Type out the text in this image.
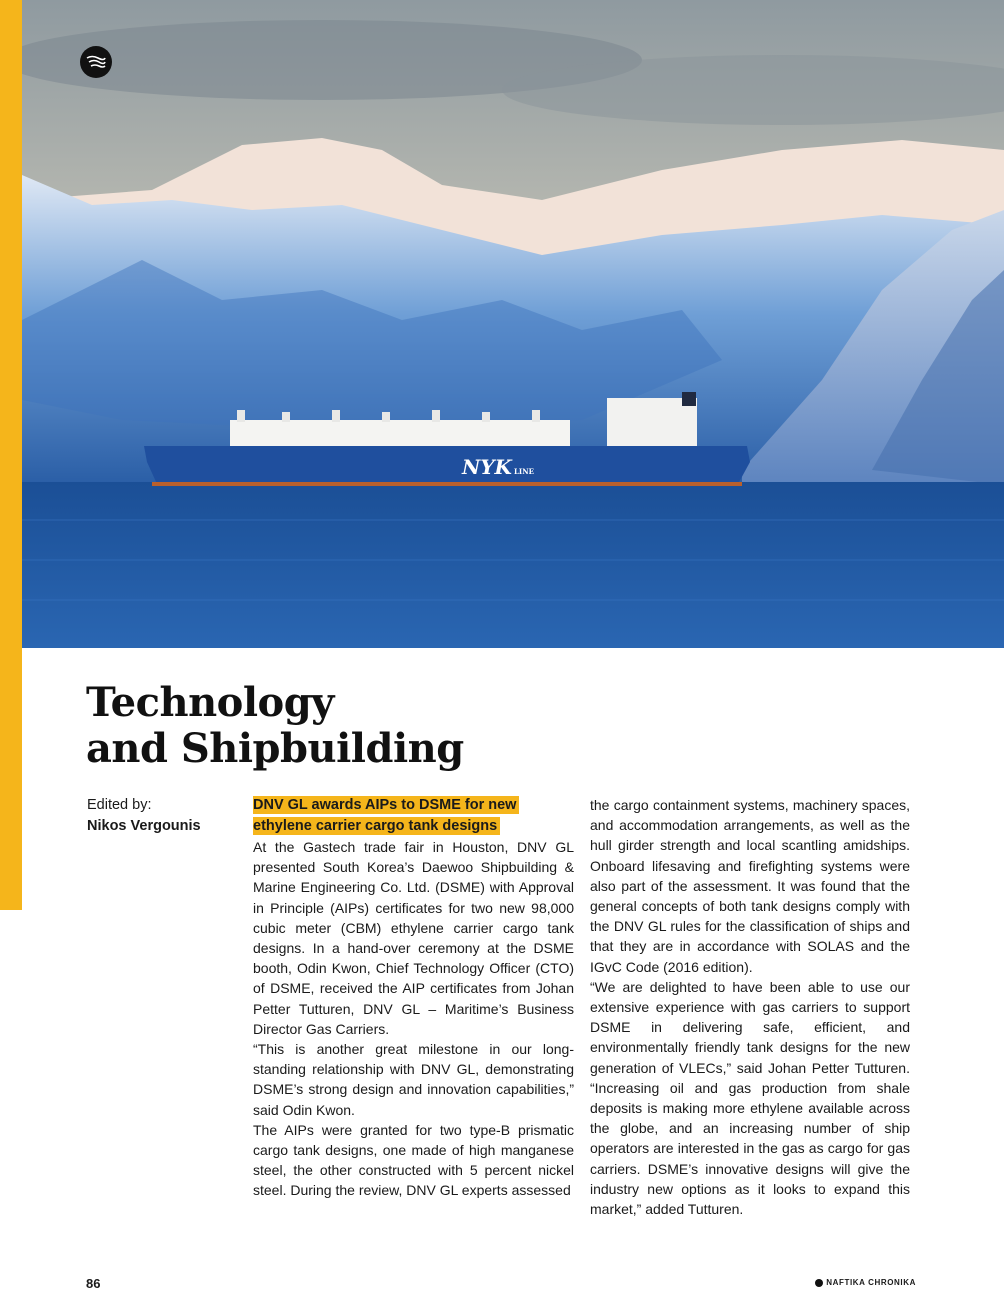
NYK LINE
Technology
and Shipbuilding
Edited by:
Nikos Vergounis

DNV GL awards AIPs to DSME for new ethylene carrier cargo tank designs

At the Gastech trade fair in Houston, DNV GL presented South Korea’s Daewoo Shipbuilding & Marine Engineering Co. Ltd. (DSME) with Approval in Principle (AIPs) certificates for two new 98,000 cubic meter (CBM) ethylene carrier cargo tank designs. In a hand-over ceremony at the DSME booth, Odin Kwon, Chief Technology Officer (CTO) of DSME, received the AIP certificates from Johan Petter Tutturen, DNV GL – Maritime’s Business Director Gas Carriers.

“This is another great milestone in our long-standing relationship with DNV GL, demonstrating DSME’s strong design and innovation capabilities,” said Odin Kwon.

The AIPs were granted for two type-B prismatic cargo tank designs, one made of high manganese steel, the other constructed with 5 percent nickel steel. During the review, DNV GL experts assessed

the cargo containment systems, machinery spaces, and accommodation arrangements, as well as the hull girder strength and local scantling amidships. Onboard lifesaving and firefighting systems were also part of the assessment. It was found that the general concepts of both tank designs comply with the DNV GL rules for the classification of ships and that they are in accordance with SOLAS and the IGvC Code (2016 edition).

“We are delighted to have been able to use our extensive experience with gas carriers to support DSME in delivering safe, efficient, and environmentally friendly tank designs for the new generation of VLECs,” said Johan Petter Tutturen. “Increasing oil and gas production from shale deposits is making more ethylene available across the globe, and an increasing number of ship operators are interested in the gas as cargo for gas carriers. DSME’s innovative designs will give the industry new options as it looks to expand this market,” added Tutturen.

86	NAFTIKA CHRONIKA
